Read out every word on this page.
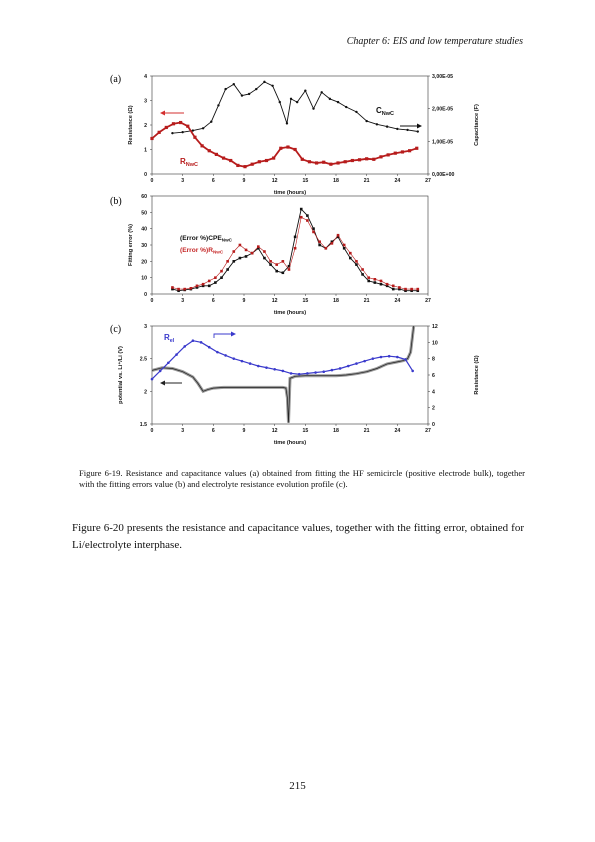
Chapter 6: EIS and low temperature studies
(a)
0	3	6	9	12	15	18	21	24	27
0
1
2
3
4
0,00E+00
1,00E-05
2,00E-05
3,00E-05
time (hours)
Resistance (Ω)	Capacitance (F)
$R_{NwC}$
$C_{NwC}$
(b)
0	3	6	9	12	15	18	21	24	27
0
10
20
30
40
50
60
time (hours)
Fitting error (%)	(Error $\%)CPE_{NwC}$
(Error $\%)R_{NwC}$
(c)
0	3	6	9	12	15	18	21	24	27
1.5
2
2.5
3
0
2
4
6
8
10
12
time (hours)
potential vs. Li⁺/Li (V)	Resistance (Ω)
$R_{el}$
Figure 6-19. Resistance and capacitance values (a) obtained from fitting the HF semicircle (positive electrode bulk), together with the fitting errors value (b) and electrolyte resistance evolution profile (c).
Figure 6-20 presents the resistance and capacitance values, together with the fitting error, obtained for Li/electrolyte interphase.
215
